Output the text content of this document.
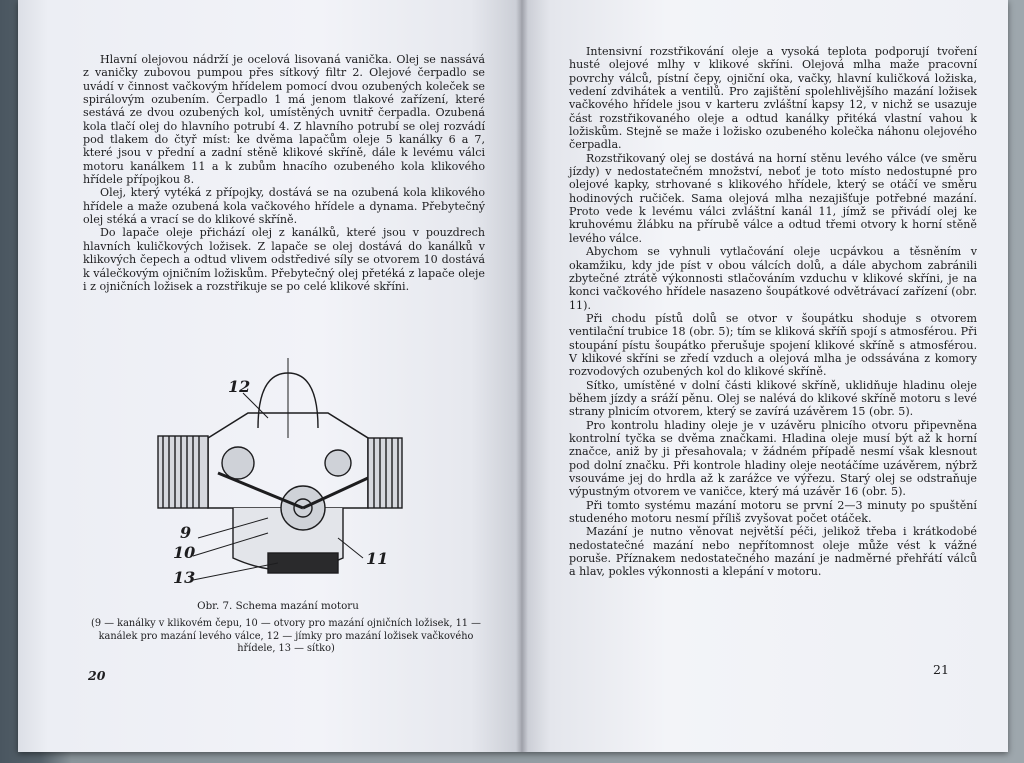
Hlavní olejovou nádrží je ocelová lisovaná vanička. Olej se nassává z vaničky zubovou pumpou přes sítkový filtr 2. Olejové čerpadlo se uvádí v činnost vačkovým hřídelem pomocí dvou ozubených koleček se spirálovým ozubením. Čerpadlo 1 má jenom tlakové zařízení, které sestává ze dvou ozubených kol, umístěných uvnitř čerpadla. Ozubená kola tlačí olej do hlavního potrubí 4. Z hlavního potrubí se olej rozvádí pod tlakem do čtyř míst: ke dvěma lapačům oleje 5 kanálky 6 a 7, které jsou v přední a zadní stěně klikové skříně, dále k levému válci motoru kanálkem 11 a k zubům hnacího ozubeného kola klikového hřídele přípojkou 8.

Olej, který vytéká z přípojky, dostává se na ozubená kola klikového hřídele a maže ozubená kola vačkového hřídele a dynama. Přebytečný olej stéká a vrací se do klikové skříně.

Do lapače oleje přichází olej z kanálků, které jsou v pouzdrech hlavních kuličkových ložisek. Z lapače se olej dostává do kanálků v klikových čepech a odtud vlivem odstředivé síly se otvorem 10 dostává k válečkovým ojničním ložiskům. Přebytečný olej přetéká z lapače oleje i z ojničních ložisek a rozstřikuje se po celé klikové skříni.

12
9
10
13
11
Obr. 7. Schema mazání motoru
(9 — kanálky v klikovém čepu, 10 — otvory pro mazání ojničních ložisek, 11 — kanálek pro mazání levého válce, 12 — jímky pro mazání ložisek vačkového hřídele, 13 — sítko)
20

Intensivní rozstřikování oleje a vysoká teplota podporují tvoření husté olejové mlhy v klikové skříni. Olejová mlha maže pracovní povrchy válců, pístní čepy, ojniční oka, vačky, hlavní kuličková ložiska, vedení zdvihátek a ventilů. Pro zajištění spolehlivějšího mazání ložisek vačkového hřídele jsou v karteru zvláštní kapsy 12, v nichž se usazuje část rozstřikovaného oleje a odtud kanálky přitéká vlastní vahou k ložiskům. Stejně se maže i ložisko ozubeného kolečka náhonu olejového čerpadla.

Rozstřikovaný olej se dostává na horní stěnu levého válce (ve směru jízdy) v nedostatečném množství, neboť je toto místo nedostupné pro olejové kapky, strhované s klikového hřídele, který se otáčí ve směru hodinových ručiček. Sama olejová mlha nezajišťuje potřebné mazání. Proto vede k levému válci zvláštní kanál 11, jímž se přivádí olej ke kruhovému žlábku na přírubě válce a odtud třemi otvory k horní stěně levého válce.

Abychom se vyhnuli vytlačování oleje ucpávkou a těsněním v okamžiku, kdy jde píst v obou válcích dolů, a dále abychom zabránili zbytečné ztrátě výkonnosti stlačováním vzduchu v klikové skříni, je na konci vačkového hřídele nasazeno šoupátkové odvětrávací zařízení (obr. 11).

Při chodu pístů dolů se otvor v šoupátku shoduje s otvorem ventilační trubice 18 (obr. 5); tím se kliková skříň spojí s atmosférou. Při stoupání pístu šoupátko přerušuje spojení klikové skříně s atmosférou. V klikové skříni se zředí vzduch a olejová mlha je odssávána z komory rozvodových ozubených kol do klikové skříně.

Sítko, umístěné v dolní části klikové skříně, uklidňuje hladinu oleje během jízdy a sráží pěnu. Olej se nalévá do klikové skříně motoru s levé strany plnicím otvorem, který se zavírá uzávěrem 15 (obr. 5).

Pro kontrolu hladiny oleje je v uzávěru plnicího otvoru připevněna kontrolní tyčka se dvěma značkami. Hladina oleje musí být až k horní značce, aniž by ji přesahovala; v žádném případě nesmí však klesnout pod dolní značku. Při kontrole hladiny oleje neotáčíme uzávěrem, nýbrž vsouváme jej do hrdla až k zarážce ve výřezu. Starý olej se odstraňuje výpustným otvorem ve vaničce, který má uzávěr 16 (obr. 5).

Při tomto systému mazání motoru se první 2—3 minuty po spuštění studeného motoru nesmí příliš zvyšovat počet otáček.

Mazání je nutno věnovat největší péči, jelikož třeba i krátkodobé nedostatečné mazání nebo nepřítomnost oleje může vést k vážné poruše. Příznakem nedostatečného mazání je nadměrné přehřátí válců a hlav, pokles výkonnosti a klepání v motoru.

21
